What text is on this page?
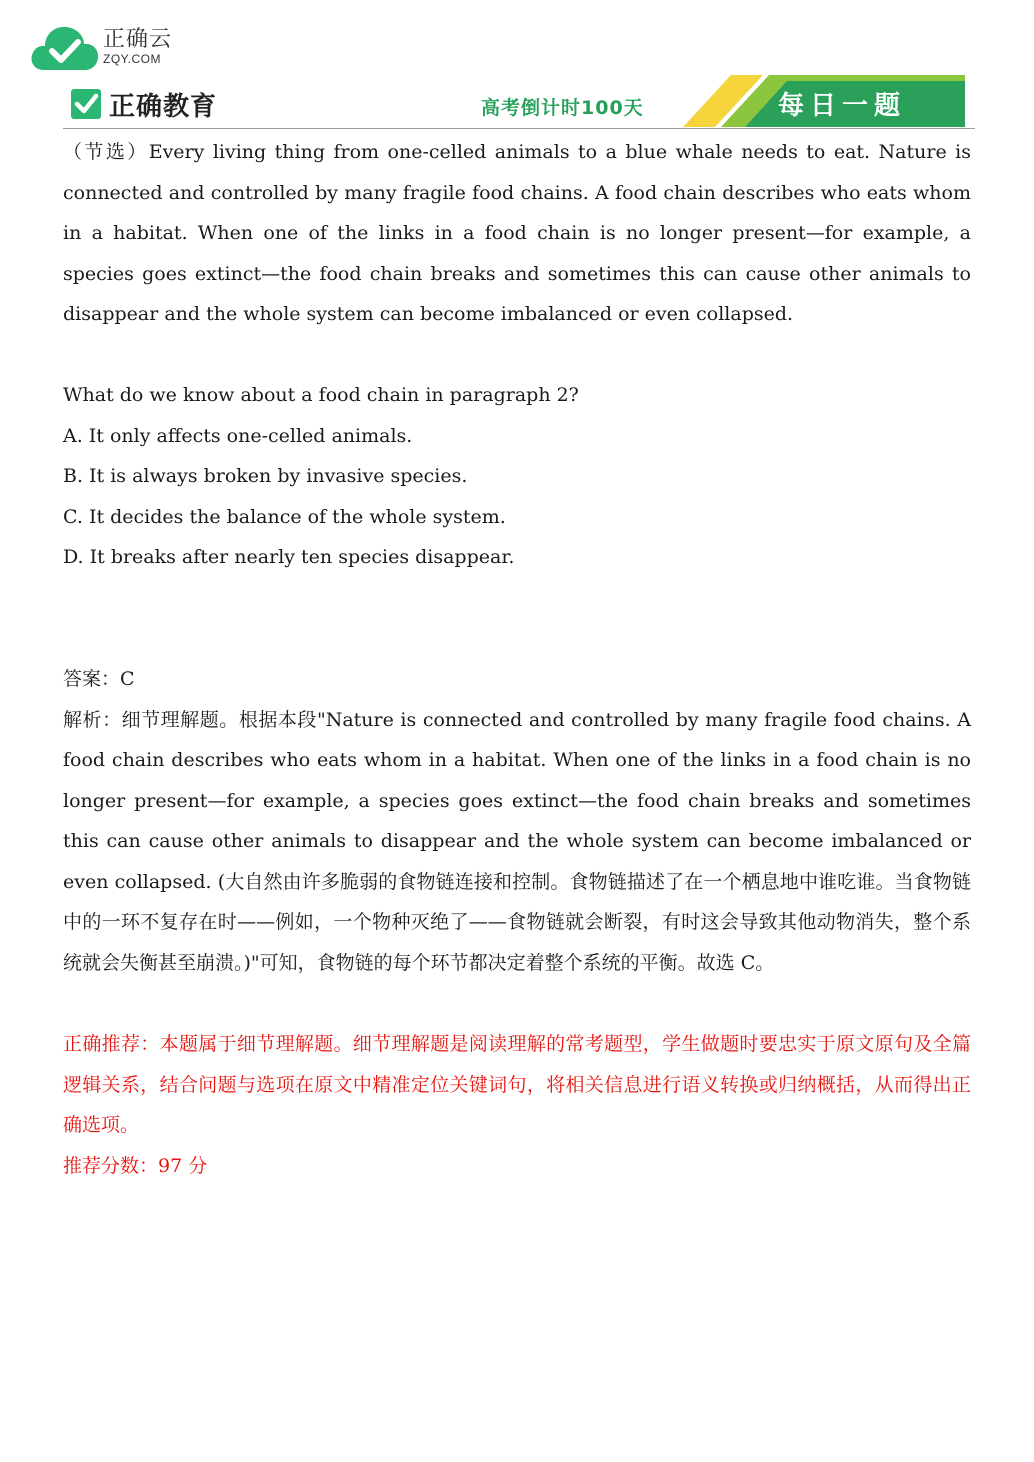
正确云
ZQY.COM
正确教育	高考倒计时100天	每日一题

（节选）Every living thing from one-celled animals to a blue whale needs to eat. Nature is connected and controlled by many fragile food chains. A food chain describes who eats whom in a habitat. When one of the links in a food chain is no longer present—for example, a species goes extinct—the food chain breaks and sometimes this can cause other animals to disappear and the whole system can become imbalanced or even collapsed.

What do we know about a food chain in paragraph 2?
A. It only affects one-celled animals.
B. It is always broken by invasive species.
C. It decides the balance of the whole system.
D. It breaks after nearly ten species disappear.
答案：C

解析：细节理解题。根据本段"Nature is connected and controlled by many fragile food chains. A food chain describes who eats whom in a habitat. When one of the links in a food chain is no longer present—for example, a species goes extinct—the food chain breaks and sometimes this can cause other animals to disappear and the whole system can become imbalanced or even collapsed. (大自然由许多脆弱的食物链连接和控制。食物链描述了在一个栖息地中谁吃谁。当食物链中的一环不复存在时——例如，一个物种灭绝了——食物链就会断裂，有时这会导致其他动物消失，整个系统就会失衡甚至崩溃。)"可知，食物链的每个环节都决定着整个系统的平衡。故选 C。

正确推荐：本题属于细节理解题。细节理解题是阅读理解的常考题型，学生做题时要忠实于原文原句及全篇逻辑关系，结合问题与选项在原文中精准定位关键词句，将相关信息进行语义转换或归纳概括，从而得出正确选项。

推荐分数：97 分
